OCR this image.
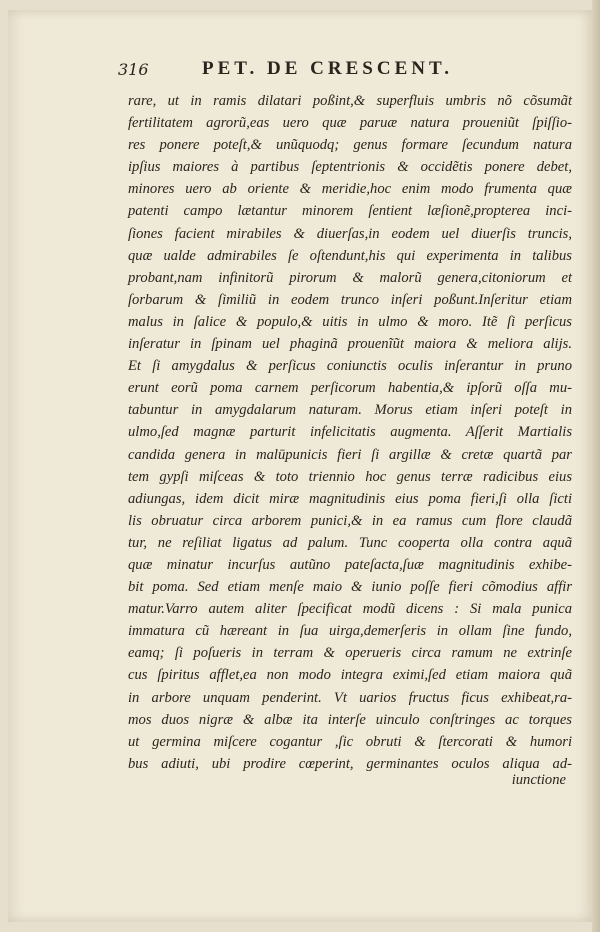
316	PET. DE CRESCENT.
rare, ut in ramis dilatari poßint,& superfluis umbris nõ cõsumãt
fertilitatem agrorũ,eas uero quæ paruæ natura proueniũt ſpiſſio-
res ponere poteſt,& unũquodq; genus formare ſecundum natura
ipſius maiores à partibus ſeptentrionis & occidẽtis ponere debet,
minores uero ab oriente & meridie,hoc enim modo frumenta quæ
patenti campo lætantur minorem ſentient læſionẽ,propterea inci-
ſiones facient mirabiles & diuerſas,in eodem uel diuerſis truncis,
quæ ualde admirabiles ſe oſtendunt,his qui experimenta in talibus
probant,nam infinitorũ pirorum & malorũ genera,citoniorum et
ſorbarum & ſimiliũ in eodem trunco inſeri poßunt.Inſeritur etiam
malus in ſalice & populo,& uitis in ulmo & moro. Itẽ ſi perſicus
inſeratur in ſpinam uel phaginã prouenĩũt maiora & meliora alijs.
Et ſi amygdalus & perſicus coniunctis oculis inſerantur in pruno
erunt eorũ poma carnem perſicorum habentia,& ipſorũ oſſa mu-
tabuntur in amygdalarum naturam. Morus etiam inſeri poteſt in
ulmo,ſed magnæ parturit infelicitatis augmenta. Aſſerit Martialis
candida genera in malūpunicis fieri ſi argillæ & cretæ quartã par
tem gypſi miſceas & toto triennio hoc genus terræ radicibus eius
adiungas, idem dicit miræ magnitudinis eius poma fieri,ſi olla ſicti
lis obruatur circa arborem punici,& in ea ramus cum flore claudã
tur, ne reſiliat ligatus ad palum. Tunc cooperta olla contra aquã
quæ minatur incurſus autũno pateſacta,ſuæ magnitudinis exhibe-
bit poma. Sed etiam menſe maio & iunio poſſe fieri cõmodius affir
matur.Varro autem aliter ſpecificat modũ dicens : Si mala punica
immatura cũ hæreant in ſua uirga,demerſeris in ollam ſine fundo,
eamq; ſi poſueris in terram & operueris circa ramum ne extrinſe
cus ſpiritus afflet,ea non modo integra eximi,ſed etiam maiora quã
in arbore unquam penderint. Vt uarios fructus ficus exhibeat,ra-
mos duos nigræ & albæ ita interſe uinculo conſtringes ac torques
ut germina miſcere cogantur ,ſic obruti & ſtercorati & humori
bus adiuti, ubi prodire cœperint, germinantes oculos aliqua ad-
iunctione
